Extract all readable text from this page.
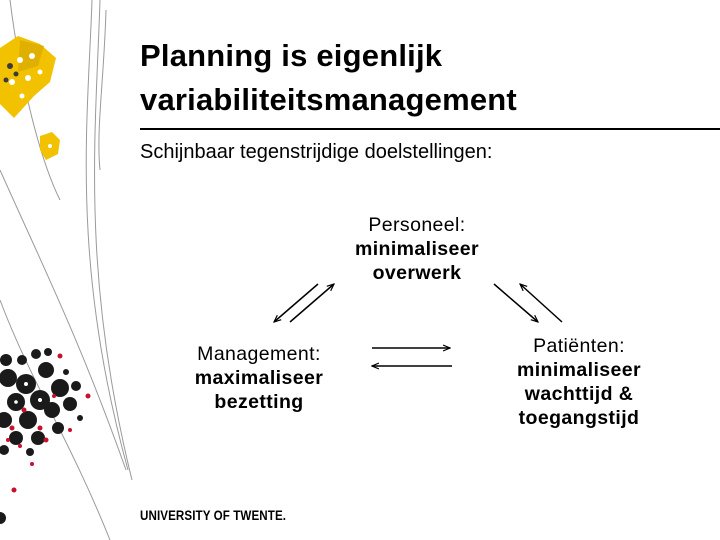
Planning is eigenlijk
variabiliteitsmanagement
Schijnbaar tegenstrijdige doelstellingen:
Personeel:
minimaliseer
overwerk
Management:
maximaliseer
bezetting
Patiënten:
minimaliseer
wachttijd &
toegangstijd
UNIVERSITY OF TWENTE.
